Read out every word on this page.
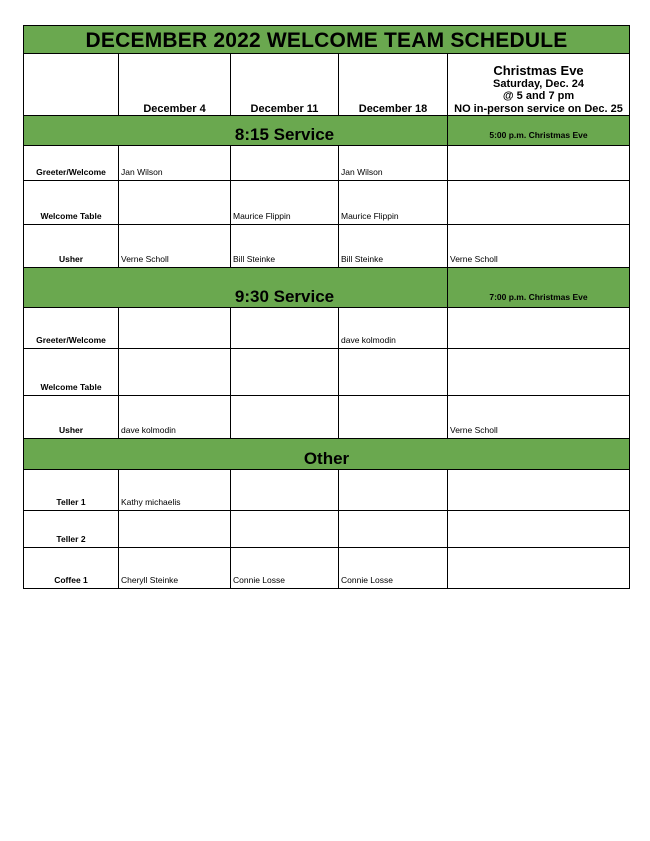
DECEMBER 2022 WELCOME TEAM SCHEDULE				
	December 4	December 11	December 18	Christmas Eve
Saturday, Dec. 24
@ 5 and 7 pm
NO in-person service on Dec. 25

		8:15 Service		5:00 p.m. Christmas Eve
Greeter/Welcome	Jan Wilson		Jan Wilson	
Welcome Table		Maurice Flippin	Maurice Flippin	
Usher	Verne Scholl	Bill Steinke	Bill Steinke	Verne Scholl
		9:30 Service		7:00 p.m. Christmas Eve
Greeter/Welcome			dave kolmodin	
Welcome Table				
Usher	dave kolmodin			Verne Scholl
Other				
Teller 1	Kathy michaelis			
Teller 2				
Coffee 1	Cheryll Steinke	Connie Losse	Connie Losse	
